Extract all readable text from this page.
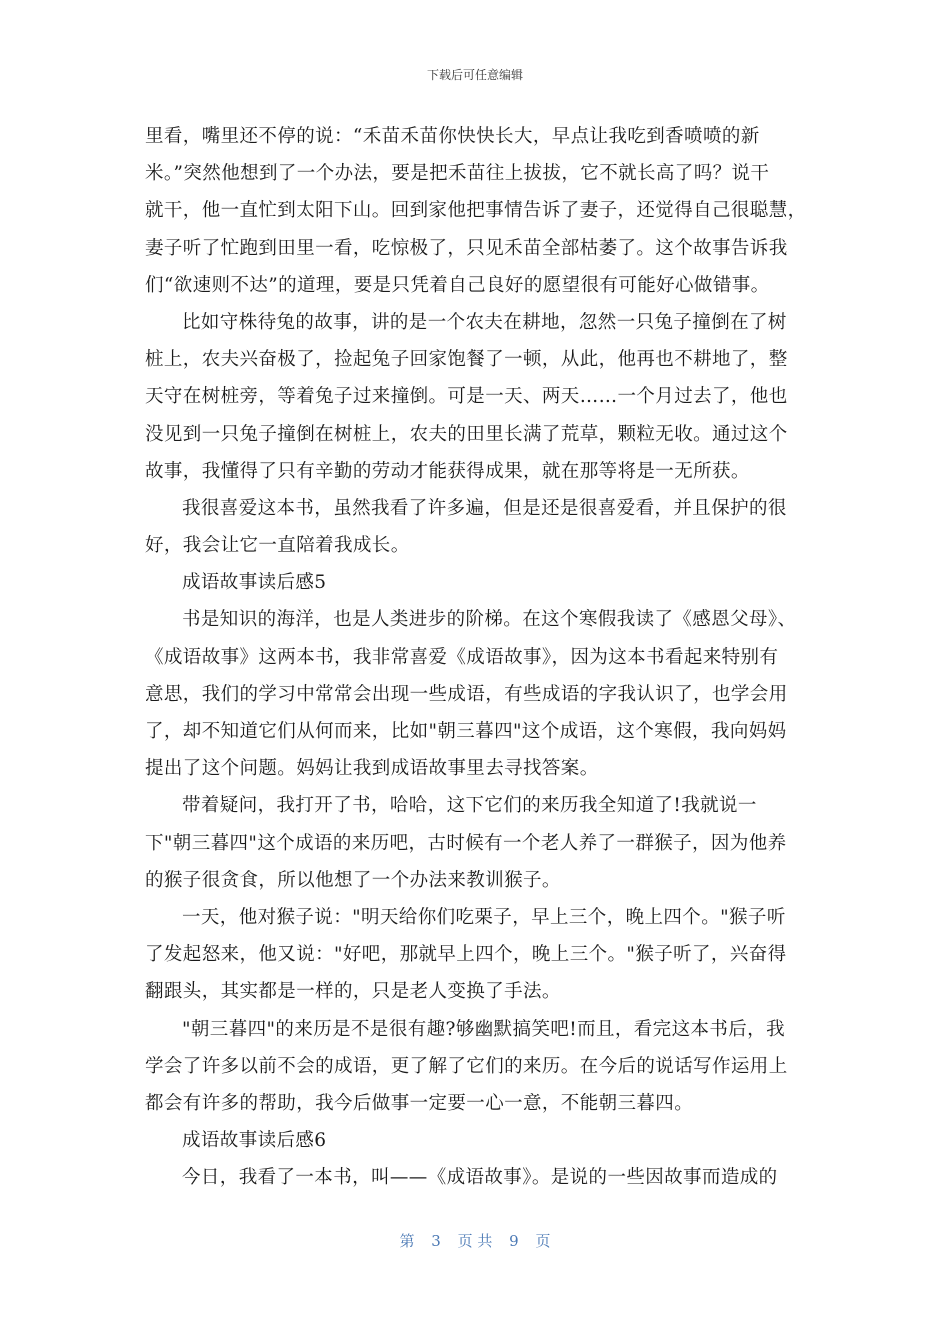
下载后可任意编辑
里看，嘴里还不停的说：“禾苗禾苗你快快长大，早点让我吃到香喷喷的新
米。”突然他想到了一个办法，要是把禾苗往上拔拔，它不就长高了吗？说干
就干，他一直忙到太阳下山。回到家他把事情告诉了妻子，还觉得自己很聪慧，
妻子听了忙跑到田里一看，吃惊极了，只见禾苗全部枯萎了。这个故事告诉我
们“欲速则不达”的道理，要是只凭着自己良好的愿望很有可能好心做错事。
比如守株待兔的故事，讲的是一个农夫在耕地，忽然一只兔子撞倒在了树
桩上，农夫兴奋极了，捡起兔子回家饱餐了一顿，从此，他再也不耕地了，整
天守在树桩旁，等着兔子过来撞倒。可是一天、两天……一个月过去了，他也
没见到一只兔子撞倒在树桩上，农夫的田里长满了荒草，颗粒无收。通过这个
故事，我懂得了只有辛勤的劳动才能获得成果，就在那等将是一无所获。
我很喜爱这本书，虽然我看了许多遍，但是还是很喜爱看，并且保护的很
好，我会让它一直陪着我成长。
成语故事读后感5
书是知识的海洋，也是人类进步的阶梯。在这个寒假我读了《感恩父母》、
《成语故事》这两本书，我非常喜爱《成语故事》，因为这本书看起来特别有
意思，我们的学习中常常会出现一些成语，有些成语的字我认识了，也学会用
了，却不知道它们从何而来，比如"朝三暮四"这个成语，这个寒假，我向妈妈
提出了这个问题。妈妈让我到成语故事里去寻找答案。
带着疑问，我打开了书，哈哈，这下它们的来历我全知道了!我就说一
下"朝三暮四"这个成语的来历吧，古时候有一个老人养了一群猴子，因为他养
的猴子很贪食，所以他想了一个办法来教训猴子。
一天，他对猴子说："明天给你们吃栗子，早上三个，晚上四个。"猴子听
了发起怒来，他又说："好吧，那就早上四个，晚上三个。"猴子听了，兴奋得
翻跟头，其实都是一样的，只是老人变换了手法。
"朝三暮四"的来历是不是很有趣?够幽默搞笑吧!而且，看完这本书后，我
学会了许多以前不会的成语，更了解了它们的来历。在今后的说话写作运用上
都会有许多的帮助，我今后做事一定要一心一意，不能朝三暮四。
成语故事读后感6
今日，我看了一本书，叫——《成语故事》。是说的一些因故事而造成的
第 3 页 共 9 页
